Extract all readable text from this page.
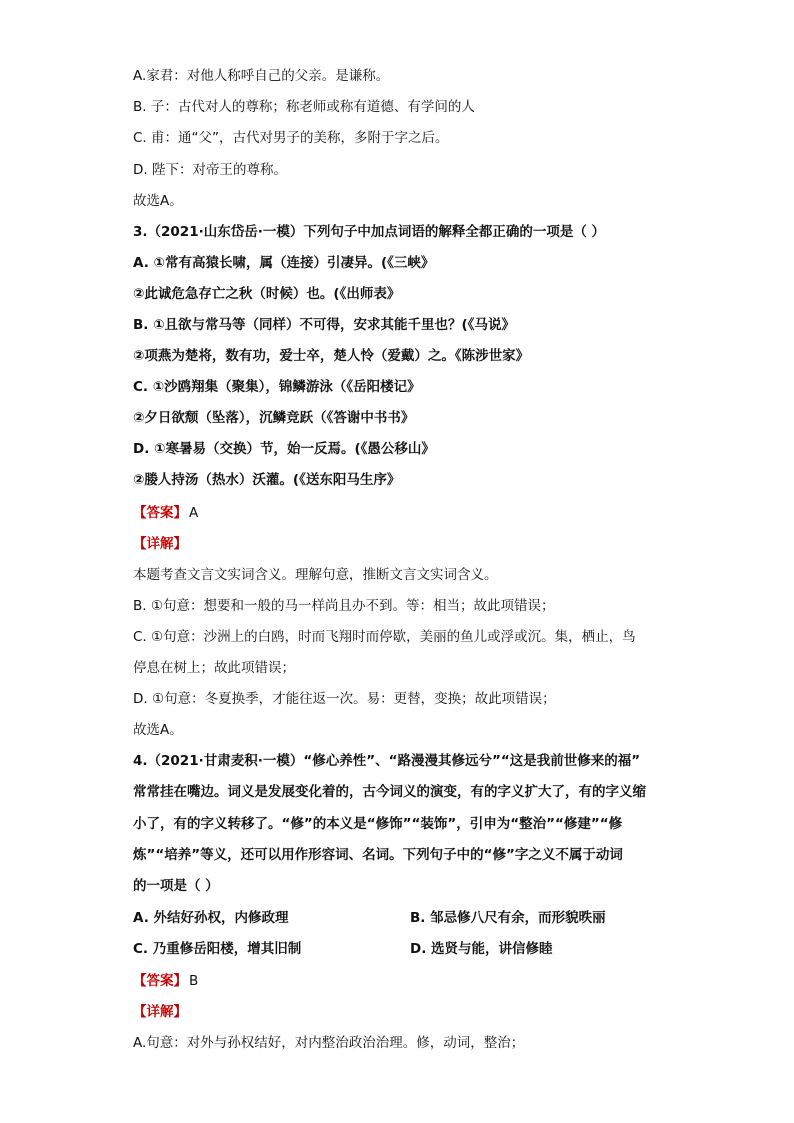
A.家君：对他人称呼自己的父亲。是谦称。
B. 子：古代对人的尊称；称老师或称有道德、有学问的人
C. 甫：通“父”，古代对男子的美称，多附于字之后。
D. 陛下：对帝王的尊称。
故选A。
3.（2021·山东岱岳·一模）下列句子中加点词语的解释全都正确的一项是（ ）
A. ①常有高猿长啸，属（连接）引凄异。(《三峡》
②此诚危急存亡之秋（时候）也。(《出师表》
B. ①且欲与常马等（同样）不可得，安求其能千里也？(《马说》
②项燕为楚将，数有功，爱士卒，楚人怜（爱戴）之。《陈涉世家》
C. ①沙鸥翔集（聚集），锦鳞游泳（《岳阳楼记》
②夕日欲颓（坠落），沉鳞竞跃（《答谢中书书》
D. ①寒暑易（交换）节，始一反焉。(《愚公移山》
②媵人持汤（热水）沃灌。(《送东阳马生序》
【答案】 A
【详解】
本题考查文言文实词含义。理解句意，推断文言文实词含义。
B. ①句意：想要和一般的马一样尚且办不到。等：相当；故此项错误；
C. ①句意：沙洲上的白鸥，时而飞翔时而停歇，美丽的鱼儿或浮或沉。集，栖止，鸟
停息在树上；故此项错误；
D. ①句意：冬夏换季，才能往返一次。易：更替，变换；故此项错误；
故选A。
4.（2021·甘肃麦积·一模）“修心养性”、“路漫漫其修远兮”“这是我前世修来的福”
常常挂在嘴边。词义是发展变化着的，古今词义的演变，有的字义扩大了，有的字义缩
小了，有的字义转移了。“修”的本义是“修饰”“装饰”，引申为“整治”“修建”“修
炼”“培养”等义，还可以用作形容词、名词。下列句子中的“修”字之义不属于动词
的一项是（ ）
A. 外结好孙权，内修政理	B. 邹忌修八尺有余，而形貌昳丽
C. 乃重修岳阳楼，增其旧制	D. 选贤与能，讲信修睦
【答案】 B
【详解】
A.句意：对外与孙权结好，对内整治政治治理。修，动词，整治；
